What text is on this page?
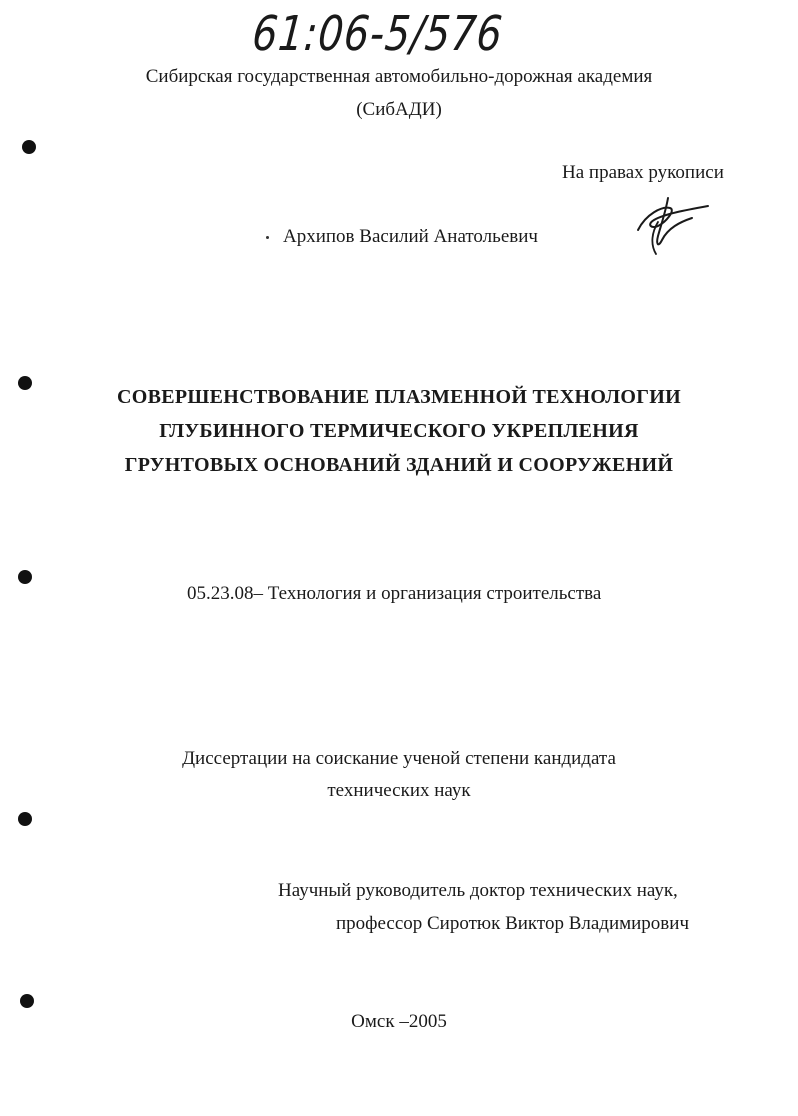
61:06-5/576
Сибирская государственная автомобильно-дорожная академия
(СибАДИ)
На правах рукописи
Архипов Василий Анатольевич
СОВЕРШЕНСТВОВАНИЕ ПЛАЗМЕННОЙ ТЕХНОЛОГИИ
ГЛУБИННОГО ТЕРМИЧЕСКОГО УКРЕПЛЕНИЯ
ГРУНТОВЫХ ОСНОВАНИЙ ЗДАНИЙ И СООРУЖЕНИЙ
05.23.08– Технология и организация строительства
Диссертации на соискание ученой степени кандидата
технических наук
Научный руководитель доктор технических наук,
профессор Сиротюк Виктор Владимирович
Омск –2005
